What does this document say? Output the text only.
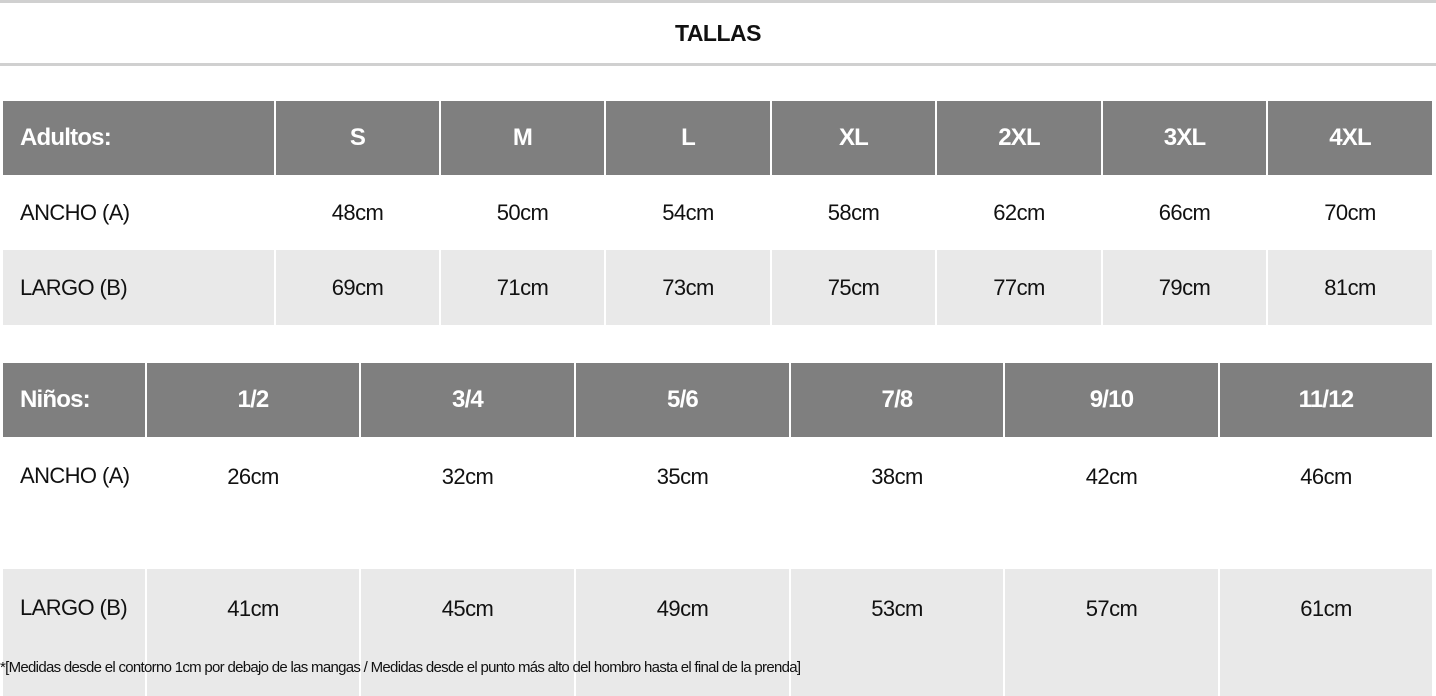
TALLAS
Adultos:	S	M	L	XL	2XL	3XL	4XL
ANCHO (A)	48cm	50cm	54cm	58cm	62cm	66cm	70cm
LARGO (B)	69cm	71cm	73cm	75cm	77cm	79cm	81cm
Niños:	1/2	3/4	5/6	7/8	9/10	11/12
ANCHO (A)	26cm	32cm	35cm	38cm	42cm	46cm
LARGO (B)	41cm	45cm	49cm	53cm	57cm	61cm
*[Medidas desde el contorno 1cm por debajo de las mangas / Medidas desde el punto más alto del hombro hasta el final de la prenda]
